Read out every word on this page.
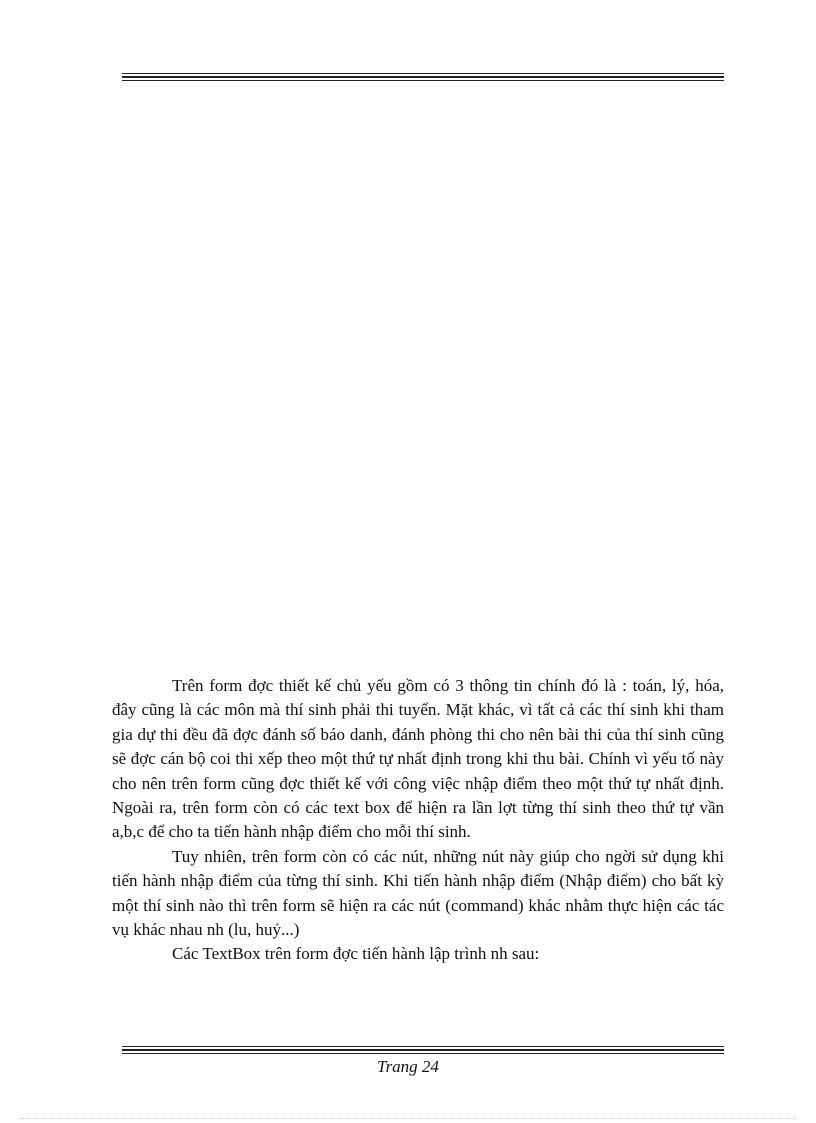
Trên form đợc thiết kế chủ yếu gồm có 3 thông tin chính đó là : toán, lý, hóa, đây cũng là các môn mà thí sinh phải thi tuyển. Mặt khác, vì tất cả các thí sinh khi tham gia dự thi đều đã đợc đánh số báo danh, đánh phòng thi cho nên bài thi của thí sinh cũng sẽ đợc cán bộ coi thi xếp theo một thứ tự nhất định trong khi thu bài. Chính vì yếu tố này cho nên trên form cũng đợc thiết kế với công việc nhập điểm theo một thứ tự nhất định. Ngoài ra, trên form còn có các text box để hiện ra lần lợt từng thí sinh theo thứ tự vần a,b,c để cho ta tiến hành nhập điểm cho mỗi thí sinh.

Tuy nhiên, trên form còn có các nút, những nút này giúp cho ngời sử dụng khi tiến hành nhập điểm của từng thí sinh. Khi tiến hành nhập điểm (Nhập điểm) cho bất kỳ một thí sinh nào thì trên form sẽ hiện ra các nút (command) khác nhằm thực hiện các tác vụ khác nhau nh (lu, huỷ...)

Các TextBox trên form đợc tiến hành lập trình nh sau:

Trang 24
